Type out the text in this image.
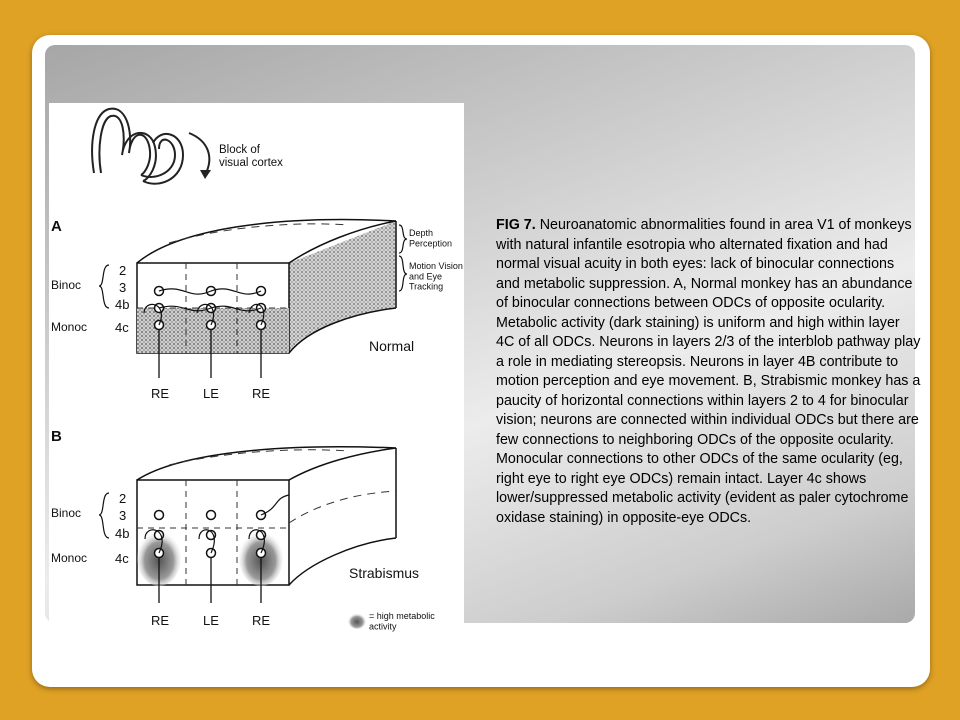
Block of visual cortex
A
RE	LE	RE
Normal
2
3
4b
4c
Binoc
Monoc
Depth Perception
Motion Vision and Eye Tracking
B
RE	LE	RE
Strabismus
2
3
4b
4c
Binoc
Monoc
= high metabolic activity
FIG 7. Neuroanatomic abnormalities found in area V1 of monkeys with natural infantile esotropia who alternated fixation and had normal visual acuity in both eyes: lack of binocular connections and metabolic suppression. A, Normal monkey has an abundance of binocular connections between ODCs of opposite ocularity. Metabolic activity (dark staining) is uniform and high within layer 4C of all ODCs. Neurons in layers 2/3 of the interblob pathway play a role in mediating stereopsis. Neurons in layer 4B contribute to motion perception and eye movement. B, Strabismic monkey has a paucity of horizontal connections within layers 2 to 4 for binocular vision; neurons are connected within individual ODCs but there are few connections to neighboring ODCs of the opposite ocularity. Monocular connections to other ODCs of the same ocularity (eg, right eye to right eye ODCs) remain intact. Layer 4c shows lower/suppressed metabolic activity (evident as paler cytochrome oxidase staining) in opposite-eye ODCs.
